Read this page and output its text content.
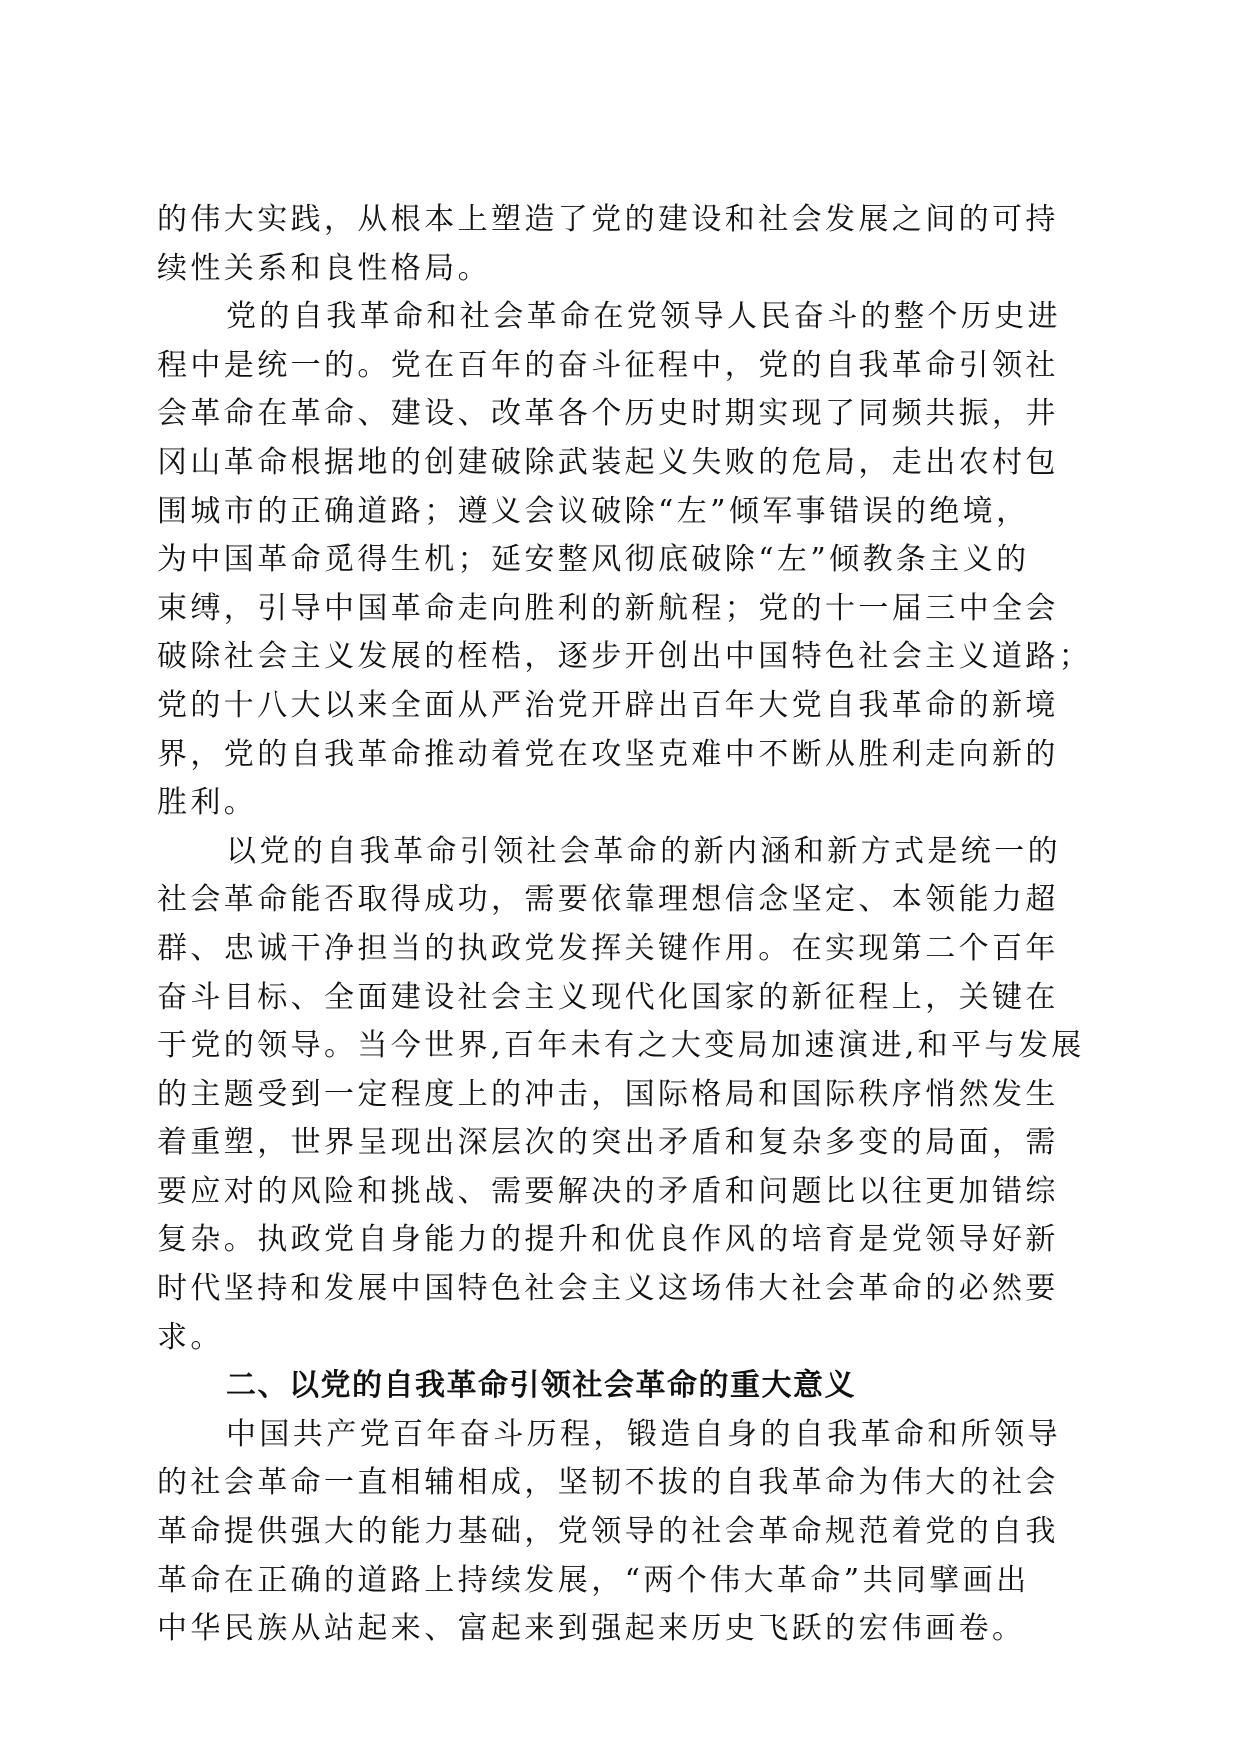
的伟大实践，从根本上塑造了党的建设和社会发展之间的可持
续性关系和良性格局。
党的自我革命和社会革命在党领导人民奋斗的整个历史进
程中是统一的。党在百年的奋斗征程中，党的自我革命引领社
会革命在革命、建设、改革各个历史时期实现了同频共振，井
冈山革命根据地的创建破除武装起义失败的危局，走出农村包
围城市的正确道路；遵义会议破除“左”倾军事错误的绝境，
为中国革命觅得生机；延安整风彻底破除“左”倾教条主义的
束缚，引导中国革命走向胜利的新航程；党的十一届三中全会
破除社会主义发展的桎梏，逐步开创出中国特色社会主义道路；
党的十八大以来全面从严治党开辟出百年大党自我革命的新境
界，党的自我革命推动着党在攻坚克难中不断从胜利走向新的
胜利。
以党的自我革命引领社会革命的新内涵和新方式是统一的
社会革命能否取得成功，需要依靠理想信念坚定、本领能力超
群、忠诚干净担当的执政党发挥关键作用。在实现第二个百年
奋斗目标、全面建设社会主义现代化国家的新征程上，关键在
于党的领导。当今世界,百年未有之大变局加速演进,和平与发展
的主题受到一定程度上的冲击，国际格局和国际秩序悄然发生
着重塑，世界呈现出深层次的突出矛盾和复杂多变的局面，需
要应对的风险和挑战、需要解决的矛盾和问题比以往更加错综
复杂。执政党自身能力的提升和优良作风的培育是党领导好新
时代坚持和发展中国特色社会主义这场伟大社会革命的必然要
求。
二、以党的自我革命引领社会革命的重大意义
中国共产党百年奋斗历程，锻造自身的自我革命和所领导
的社会革命一直相辅相成，坚韧不拔的自我革命为伟大的社会
革命提供强大的能力基础，党领导的社会革命规范着党的自我
革命在正确的道路上持续发展，“两个伟大革命”共同擘画出
中华民族从站起来、富起来到强起来历史飞跃的宏伟画卷。
